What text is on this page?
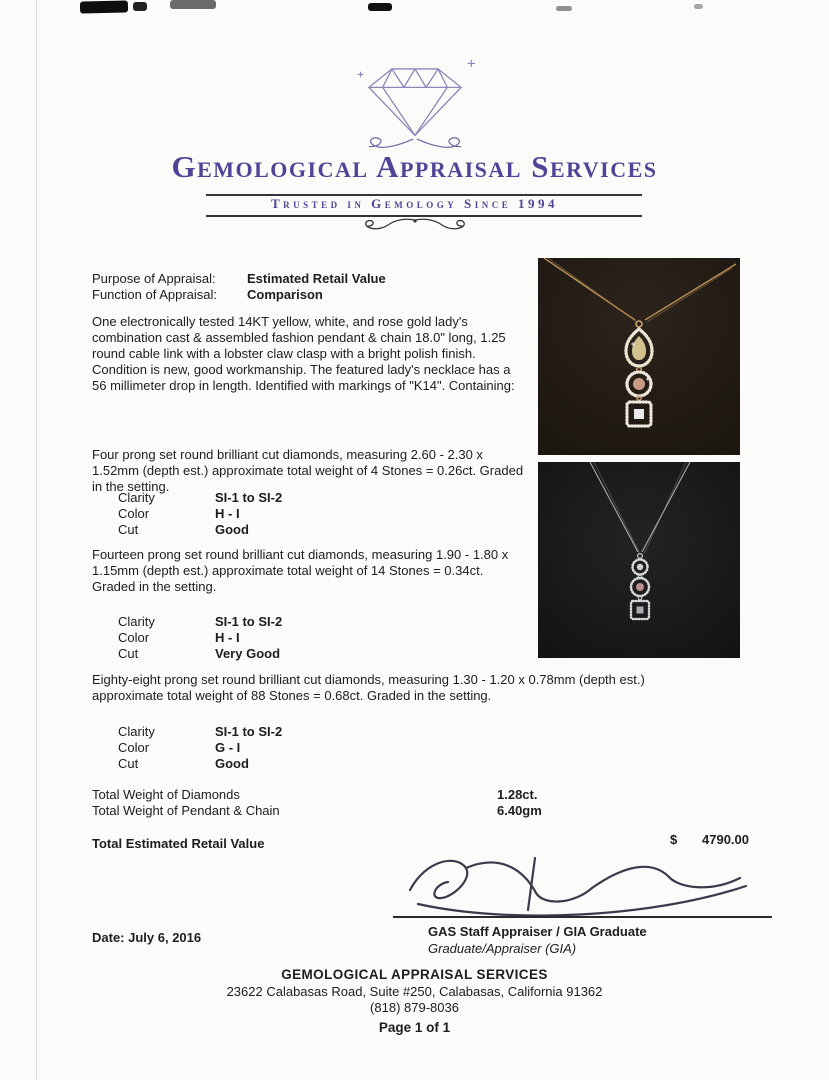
Gemological Appraisal Services
Trusted in Gemology Since 1994
Purpose of Appraisal: Estimated Retail Value
Function of Appraisal: Comparison
One electronically tested 14KT yellow, white, and rose gold lady's combination cast & assembled fashion pendant & chain 18.0" long, 1.25 round cable link with a lobster claw clasp with a bright polish finish. Condition is new, good workmanship. The featured lady's necklace has a 56 millimeter drop in length. Identified with markings of "K14". Containing:
Four prong set round brilliant cut diamonds, measuring 2.60 - 2.30 x 1.52mm (depth est.) approximate total weight of 4 Stones = 0.26ct. Graded in the setting.
Clarity	SI-1 to SI-2
Color	H - I
Cut	Good
Fourteen prong set round brilliant cut diamonds, measuring 1.90 - 1.80 x 1.15mm (depth est.) approximate total weight of 14 Stones = 0.34ct. Graded in the setting.
Clarity	SI-1 to SI-2
Color	H - I
Cut	Very Good
Eighty-eight prong set round brilliant cut diamonds, measuring 1.30 - 1.20 x 0.78mm (depth est.) approximate total weight of 88 Stones = 0.68ct. Graded in the setting.
Clarity	SI-1 to SI-2
Color	G - I
Cut	Good
Total Weight of Diamonds	1.28ct.
Total Weight of Pendant & Chain	6.40gm
Total Estimated Retail Value	$ 4790.00
Date: July 6, 2016	GAS Staff Appraiser / GIA Graduate
Graduate/Appraiser (GIA)
GEMOLOGICAL APPRAISAL SERVICES
23622 Calabasas Road, Suite #250, Calabasas, California 91362
(818) 879-8036
Page 1 of 1
